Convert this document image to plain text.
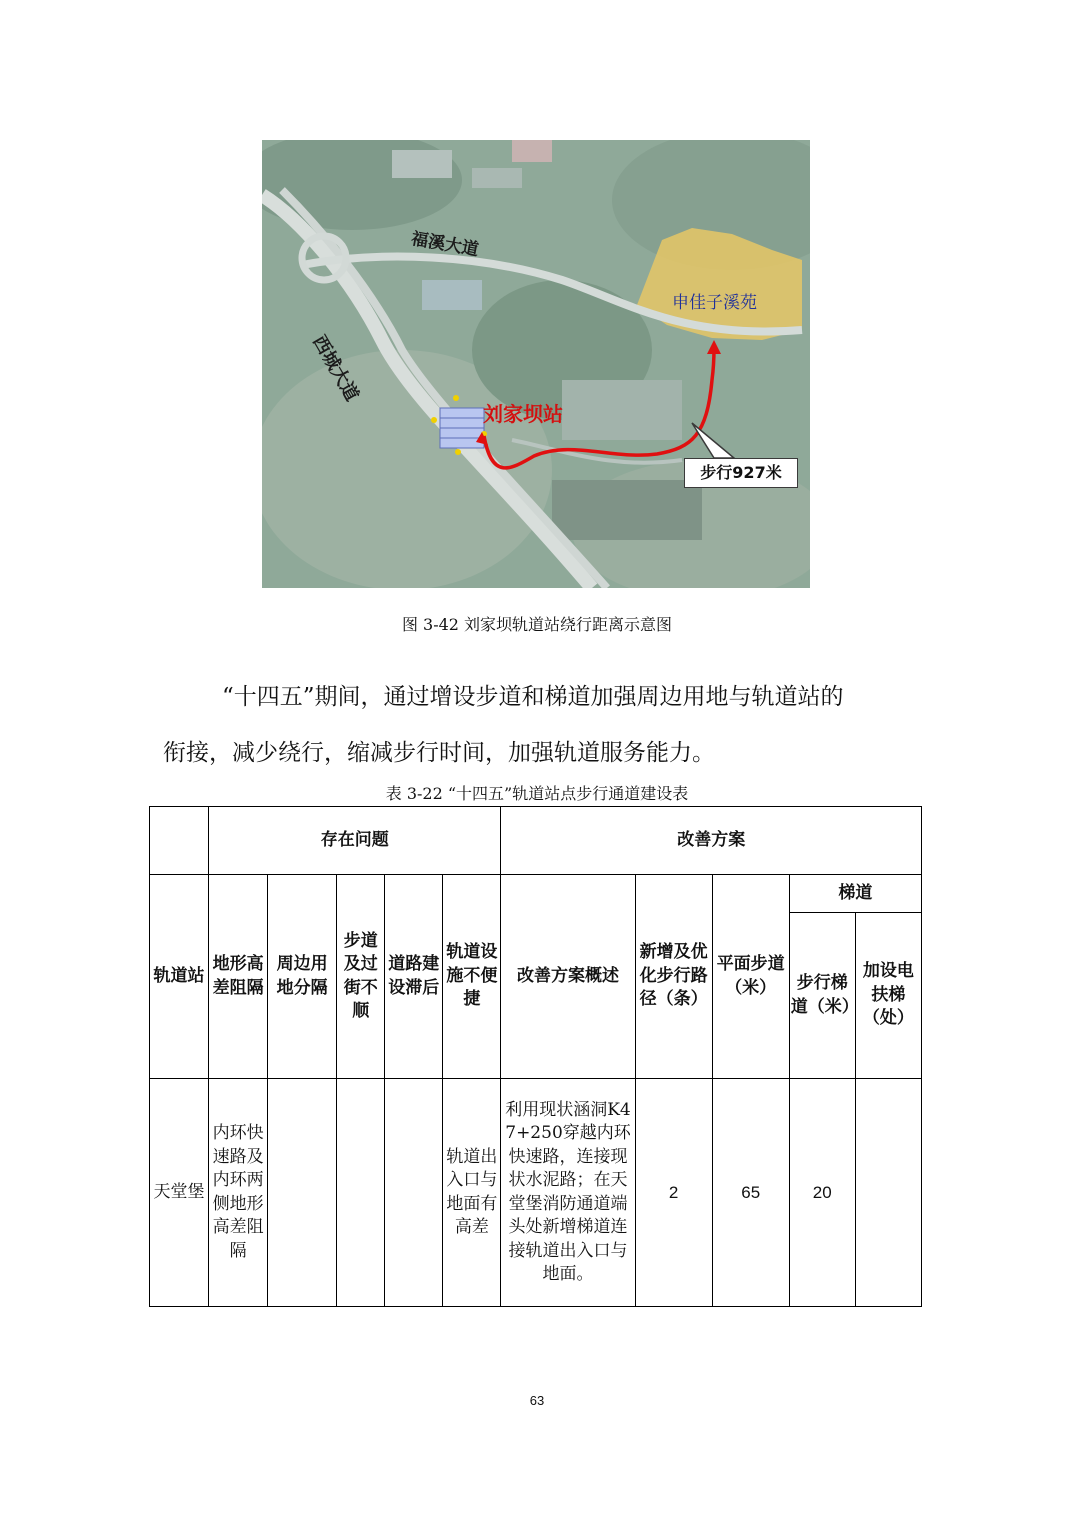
福溪大道
西城大道
刘家坝站
申佳子溪苑
步行927米
图 3-42 刘家坝轨道站绕行距离示意图
“十四五”期间，通过增设步道和梯道加强周边用地与轨道站的
衔接，减少绕行，缩减步行时间，加强轨道服务能力。
表 3-22 “十四五”轨道站点步行通道建设表
	存在问题					改善方案				
轨道站	地形高差阻隔	周边用地分隔	步道及过街不顺	道路建设滞后	轨道设施不便捷	改善方案概述	新增及优化步行路径（条）	平面步道（米）	梯道	
									步行梯道（米）	加设电扶梯（处）
天堂堡	内环快速路及内环两侧地形高差阻隔				轨道出入口与地面有高差	利用现状涵洞K47+250穿越内环快速路，连接现状水泥路；在天堂堡消防通道端头处新增梯道连接轨道出入口与地面。	2	65	20	
63
